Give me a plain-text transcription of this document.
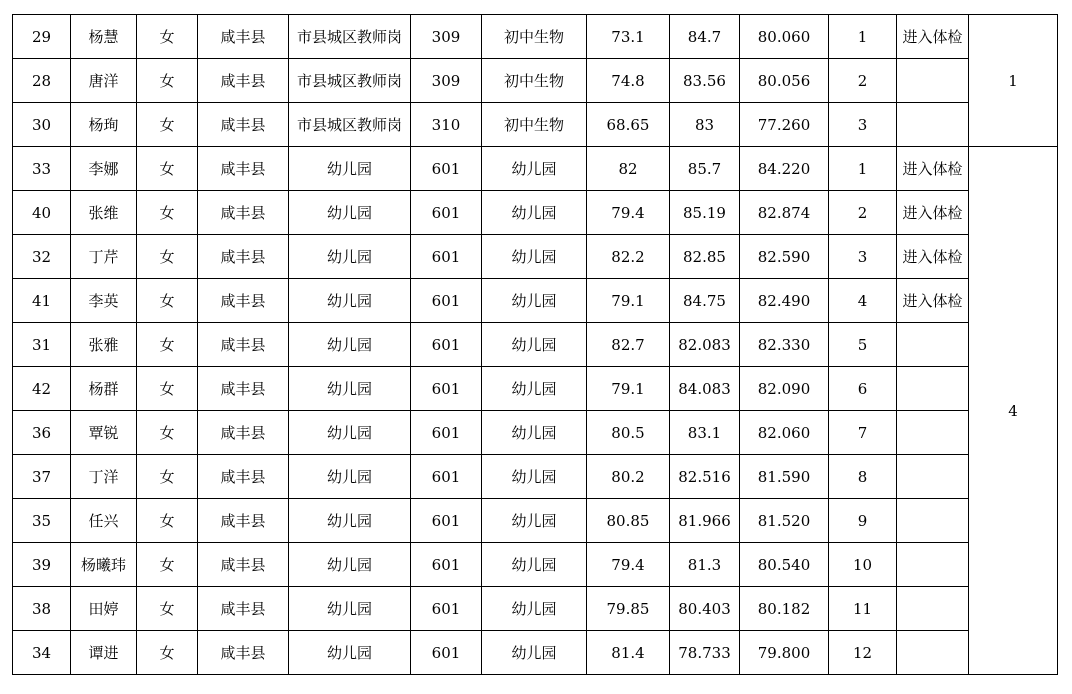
29	杨慧	女	咸丰县	市县城区教师岗	309	初中生物	73.1	84.7	80.060	1	进入体检	1
28	唐洋	女	咸丰县	市县城区教师岗	309	初中生物	74.8	83.56	80.056	2		
30	杨珣	女	咸丰县	市县城区教师岗	310	初中生物	68.65	83	77.260	3		
33	李娜	女	咸丰县	幼儿园	601	幼儿园	82	85.7	84.220	1	进入体检	4
40	张维	女	咸丰县	幼儿园	601	幼儿园	79.4	85.19	82.874	2	进入体检	
32	丁芹	女	咸丰县	幼儿园	601	幼儿园	82.2	82.85	82.590	3	进入体检	
41	李英	女	咸丰县	幼儿园	601	幼儿园	79.1	84.75	82.490	4	进入体检	
31	张雅	女	咸丰县	幼儿园	601	幼儿园	82.7	82.083	82.330	5		
42	杨群	女	咸丰县	幼儿园	601	幼儿园	79.1	84.083	82.090	6		
36	覃锐	女	咸丰县	幼儿园	601	幼儿园	80.5	83.1	82.060	7		
37	丁洋	女	咸丰县	幼儿园	601	幼儿园	80.2	82.516	81.590	8		
35	任兴	女	咸丰县	幼儿园	601	幼儿园	80.85	81.966	81.520	9		
39	杨曦玮	女	咸丰县	幼儿园	601	幼儿园	79.4	81.3	80.540	10		
38	田婷	女	咸丰县	幼儿园	601	幼儿园	79.85	80.403	80.182	11		
34	谭进	女	咸丰县	幼儿园	601	幼儿园	81.4	78.733	79.800	12		
